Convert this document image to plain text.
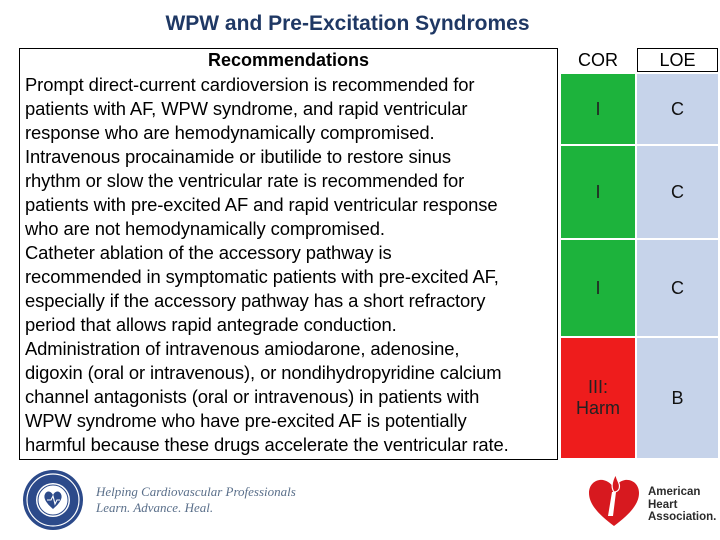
WPW and Pre-Excitation Syndromes
Recommendations
Prompt direct-current cardioversion is recommended for
patients with AF, WPW syndrome, and rapid ventricular
response who are hemodynamically compromised.
Intravenous procainamide or ibutilide to restore sinus
rhythm or slow the ventricular rate is recommended for
patients with pre-excited AF and rapid ventricular response
who are not hemodynamically compromised.
Catheter ablation of the accessory pathway is
recommended in symptomatic patients with pre-excited AF,
especially if the accessory pathway has a short refractory
period that allows rapid antegrade conduction.
Administration of intravenous amiodarone, adenosine,
digoxin (oral or intravenous), or nondihydropyridine calcium
channel antagonists (oral or intravenous) in patients with
WPW syndrome who have pre-excited AF is potentially
harmful because these drugs accelerate the ventricular rate.
COR	LOE
I
I
I
III:
Harm
C
C
C
B
Helping Cardiovascular Professionals
Learn. Advance. Heal.
American
Heart
Association.
